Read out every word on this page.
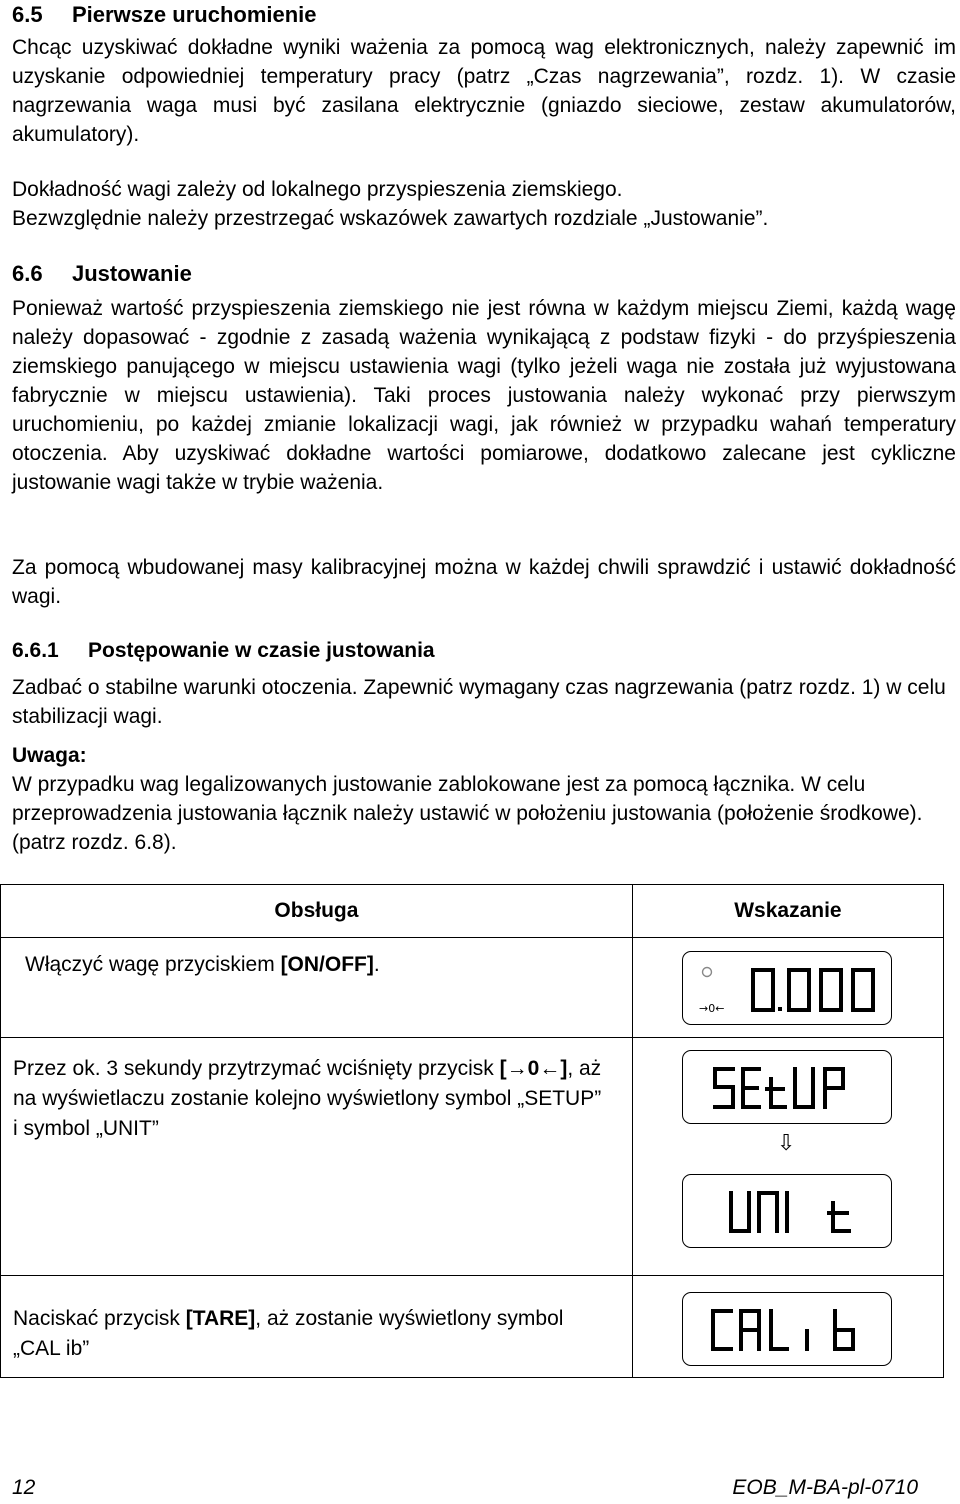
6.5 Pierwsze uruchomienie

Chcąc uzyskiwać dokładne wyniki ważenia za pomocą wag elektronicznych, należy zapewnić im uzyskanie odpowiedniej temperatury pracy (patrz „Czas nagrzewania”, rozdz. 1). W czasie nagrzewania waga musi być zasilana elektrycznie (gniazdo sieciowe, zestaw akumulatorów, akumulatory).

Dokładność wagi zależy od lokalnego przyspieszenia ziemskiego.
Bezwzględnie należy przestrzegać wskazówek zawartych rozdziale „Justowanie”.

6.6 Justowanie

Ponieważ wartość przyspieszenia ziemskiego nie jest równa w każdym miejscu Ziemi, każdą wagę należy dopasować - zgodnie z zasadą ważenia wynikającą z podstaw fizyki - do przyśpieszenia ziemskiego panującego w miejscu ustawienia wagi (tylko jeżeli waga nie została już wyjustowana fabrycznie w miejscu ustawienia). Taki proces justowania należy wykonać przy pierwszym uruchomieniu, po każdej zmianie lokalizacji wagi, jak również w przypadku wahań temperatury otoczenia. Aby uzyskiwać dokładne wartości pomiarowe, dodatkowo zalecane jest cykliczne justowanie wagi także w trybie ważenia.

Za pomocą wbudowanej masy kalibracyjnej można w każdej chwili sprawdzić i ustawić dokładność wagi.

6.6.1 Postępowanie w czasie justowania

Zadbać o stabilne warunki otoczenia. Zapewnić wymagany czas nagrzewania (patrz rozdz. 1) w celu stabilizacji wagi.

Uwaga:

W przypadku wag legalizowanych justowanie zablokowane jest za pomocą łącznika. W celu przeprowadzenia justowania łącznik należy ustawić w położeniu justowania (położenie środkowe). (patrz rozdz. 6.8).

Obsługa	Wskazanie

Włączyć wagę przyciskiem [ON/OFF].	→0←

Przez ok. 3 sekundy przytrzymać wciśnięty przycisk [→0←], aż na wyświetlaczu zostanie kolejno wyświetlony symbol „SETUP” i symbol „UNIT”	⇩

Naciskać przycisk [TARE], aż zostanie wyświetlony symbol „CAL ib”

12	EOB_M-BA-pl-0710
